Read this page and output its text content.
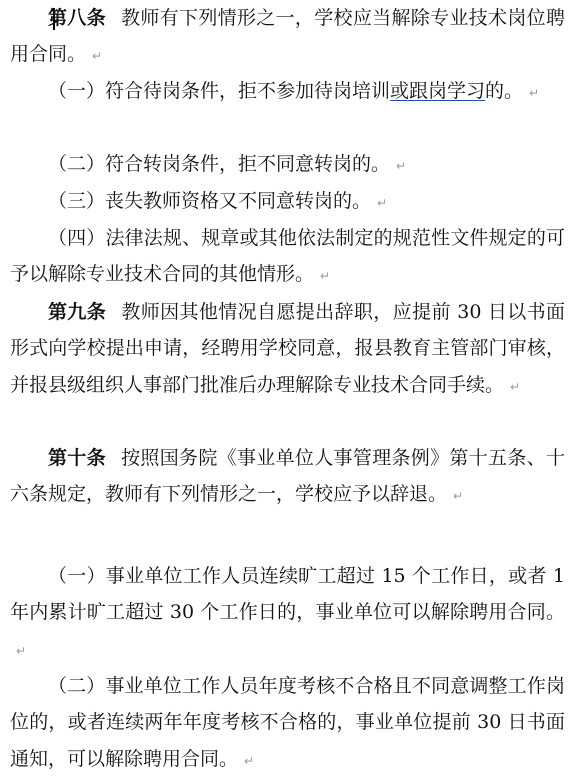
第八条 教师有下列情形之一，学校应当解除专业技术岗位聘用合同。 ↵
（一）符合待岗条件，拒不参加待岗培训或跟岗学习的。 ↵
（二）符合转岗条件，拒不同意转岗的。 ↵
（三）丧失教师资格又不同意转岗的。 ↵
（四）法律法规、规章或其他依法制定的规范性文件规定的可予以解除专业技术合同的其他情形。 ↵
第九条 教师因其他情况自愿提出辞职，应提前 30 日以书面形式向学校提出申请，经聘用学校同意，报县教育主管部门审核，并报县级组织人事部门批准后办理解除专业技术合同手续。 ↵
第十条 按照国务院《事业单位人事管理条例》第十五条、十六条规定，教师有下列情形之一，学校应予以辞退。 ↵
（一）事业单位工作人员连续旷工超过 15 个工作日，或者 1 年内累计旷工超过 30 个工作日的，事业单位可以解除聘用合同。↵
（二）事业单位工作人员年度考核不合格且不同意调整工作岗位的，或者连续两年年度考核不合格的，事业单位提前 30 日书面通知，可以解除聘用合同。 ↵
